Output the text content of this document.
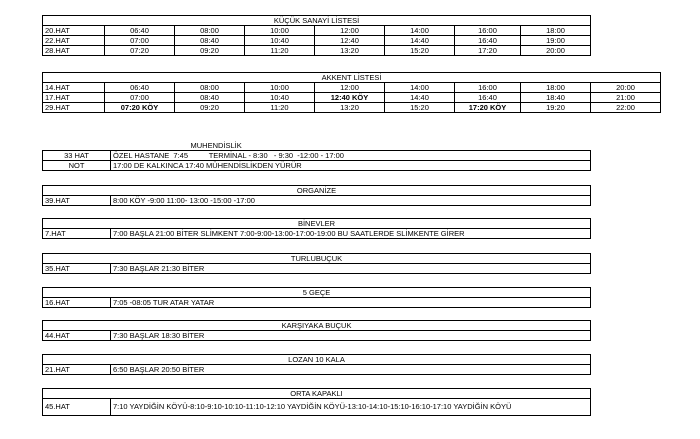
KÜÇÜK SANAYİ LİSTESİ							
20.HAT	06:40	08:00	10:00	12:00	14:00	16:00	18:00
22.HAT	07:00	08:40	10:40	12:40	14:40	16:40	19:00
28.HAT	07:20	09:20	11:20	13:20	15:20	17:20	20:00
AKKENT LİSTESİ								
14.HAT	06:40	08:00	10:00	12:00	14:00	16:00	18:00	20:00
17.HAT	07:00	08:40	10:40	12:40 KÖY	14:40	16:40	18:40	21:00
29.HAT	07:20 KÖY	09:20	11:20	13:20	15:20	17:20 KÖY	19:20	22:00
	MUHENDİSLİK
33 HAT	ÖZEL HASTANE  7:45          TERMİNAL - 8:30   - 9:30  -12:00 - 17:00
NOT	17:00 DE KALKINCA 17:40 MÜHENDİSLİKDEN YÜRÜR
ORGANİZE
39.HAT	8:00 KÖY -9:00 11:00- 13:00 -15:00 -17:00
BİNEVLER
7.HAT	7:00 BAŞLA 21:00 BİTER SLİMKENT 7:00-9:00-13:00-17:00-19:00 BU SAATLERDE SLİMKENTE GİRER
TURLUBUÇUK
35.HAT	7:30 BAŞLAR 21:30 BİTER
5 GEÇE
16.HAT	7:05 -08:05 TUR ATAR YATAR
KARŞIYAKA BUÇUK
44.HAT	7:30 BAŞLAR 18:30 BİTER
LOZAN 10 KALA
21.HAT	6:50 BAŞLAR 20:50 BİTER
ORTA KAPAKLI
45.HAT	7:10 YAYDİĞİN KÖYÜ-8:10-9:10-10:10-11:10-12:10 YAYDİĞİN KÖYÜ-13:10-14:10-15:10-16:10-17:10 YAYDİĞİN KÖYÜ
